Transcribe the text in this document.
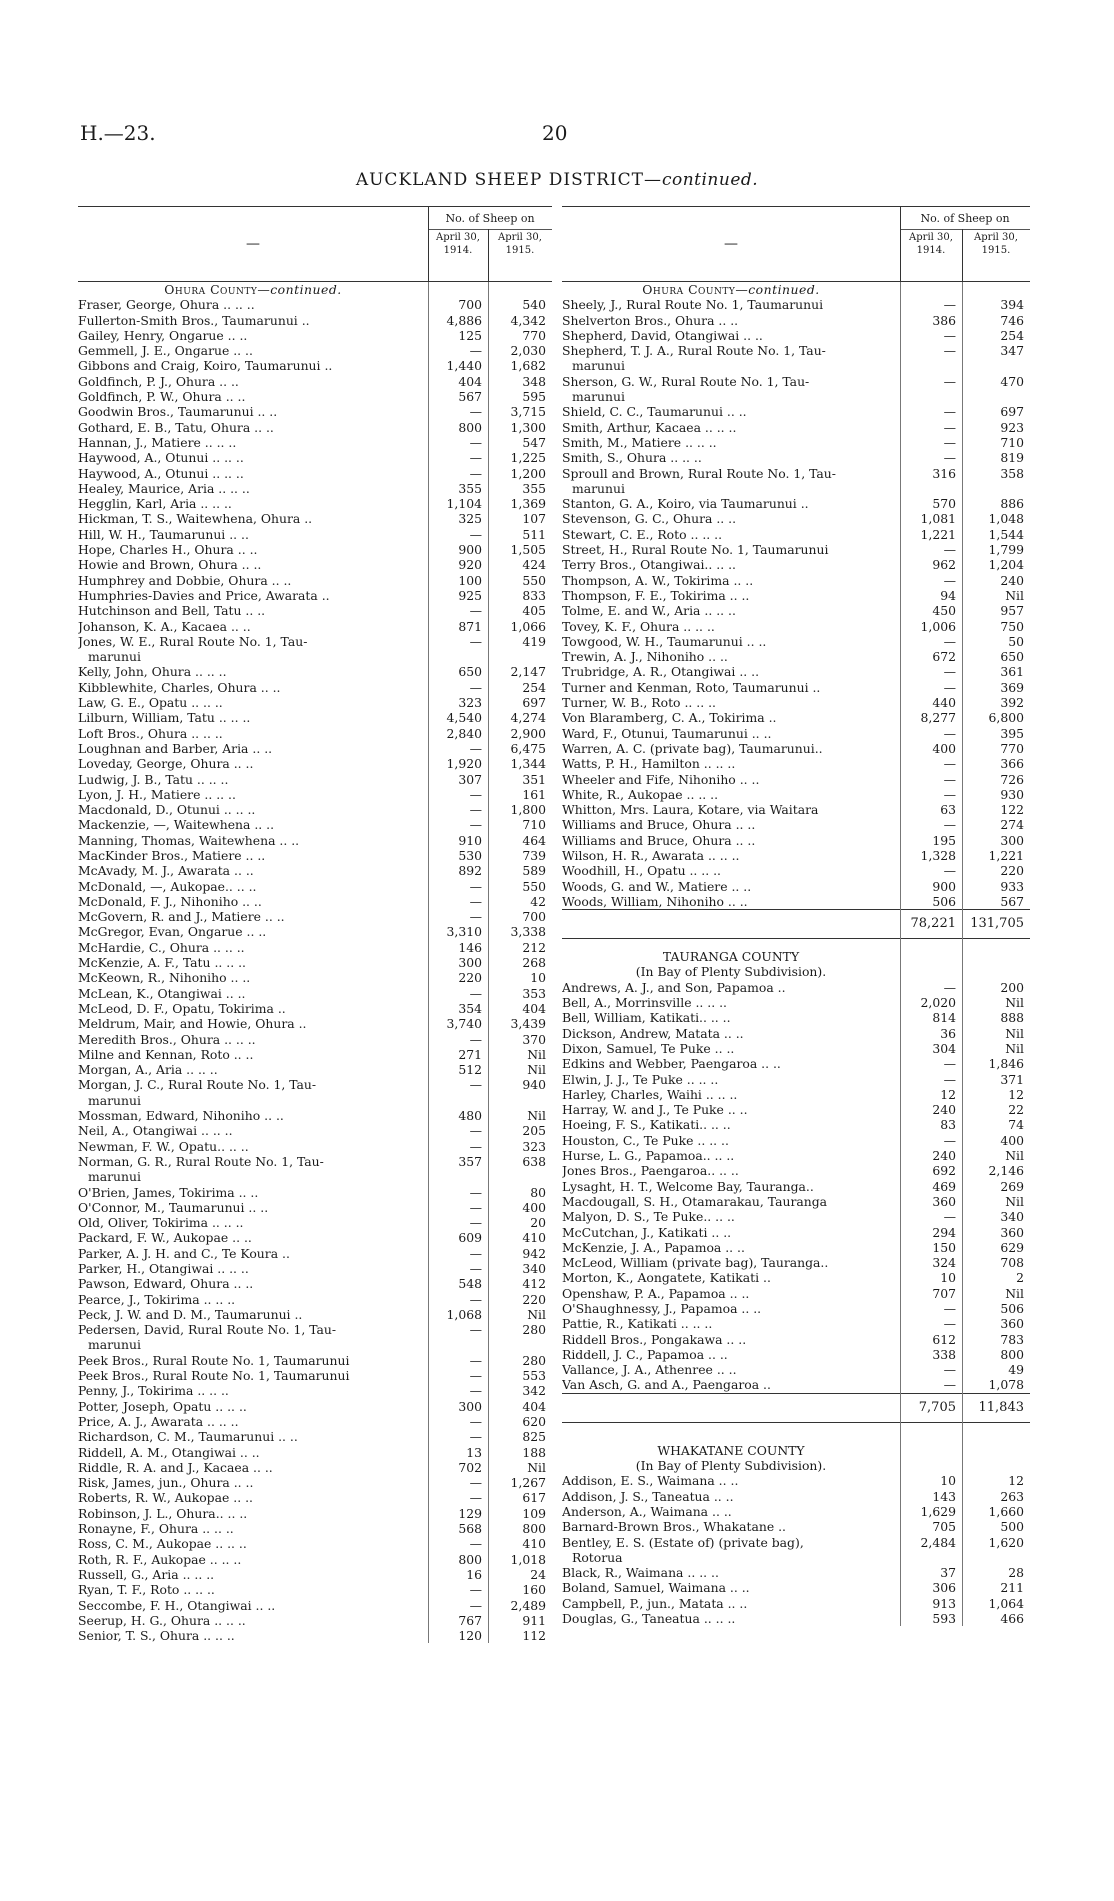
H.—23.	20
AUCKLAND SHEEP DISTRICT—continued.
—
No. of Sheep on
April 30,
1914.
April 30,
1915.
Ohura County—continued.
Fraser, George, Ohura .. .. ..	700	540
Fullerton-Smith Bros., Taumarunui ..	4,886	4,342
Gailey, Henry, Ongarue .. ..	125	770
Gemmell, J. E., Ongarue .. ..	—	2,030
Gibbons and Craig, Koiro, Taumarunui ..	1,440	1,682
Goldfinch, P. J., Ohura .. ..	404	348
Goldfinch, P. W., Ohura .. ..	567	595
Goodwin Bros., Taumarunui .. ..	—	3,715
Gothard, E. B., Tatu, Ohura .. ..	800	1,300
Hannan, J., Matiere .. .. ..	—	547
Haywood, A., Otunui .. .. ..	—	1,225
Haywood, A., Otunui .. .. ..	—	1,200
Healey, Maurice, Aria .. .. ..	355	355
Hegglin, Karl, Aria .. .. ..	1,104	1,369
Hickman, T. S., Waitewhena, Ohura ..	325	107
Hill, W. H., Taumarunui .. ..	—	511
Hope, Charles H., Ohura .. ..	900	1,505
Howie and Brown, Ohura .. ..	920	424
Humphrey and Dobbie, Ohura .. ..	100	550
Humphries-Davies and Price, Awarata ..	925	833
Hutchinson and Bell, Tatu .. ..	—	405
Johanson, K. A., Kacaea .. ..	871	1,066
Jones, W. E., Rural Route No. 1, Tau-	—	419
marunui
Kelly, John, Ohura .. .. ..	650	2,147
Kibblewhite, Charles, Ohura .. ..	—	254
Law, G. E., Opatu .. .. ..	323	697
Lilburn, William, Tatu .. .. ..	4,540	4,274
Loft Bros., Ohura .. .. ..	2,840	2,900
Loughnan and Barber, Aria .. ..	—	6,475
Loveday, George, Ohura .. ..	1,920	1,344
Ludwig, J. B., Tatu .. .. ..	307	351
Lyon, J. H., Matiere .. .. ..	—	161
Macdonald, D., Otunui .. .. ..	—	1,800
Mackenzie, —, Waitewhena .. ..	—	710
Manning, Thomas, Waitewhena .. ..	910	464
MacKinder Bros., Matiere .. ..	530	739
McAvady, M. J., Awarata .. ..	892	589
McDonald, —, Aukopae.. .. ..	—	550
McDonald, F. J., Nihoniho .. ..	—	42
McGovern, R. and J., Matiere .. ..	—	700
McGregor, Evan, Ongarue .. ..	3,310	3,338
McHardie, C., Ohura .. .. ..	146	212
McKenzie, A. F., Tatu .. .. ..	300	268
McKeown, R., Nihoniho .. ..	220	10
McLean, K., Otangiwai .. ..	—	353
McLeod, D. F., Opatu, Tokirima ..	354	404
Meldrum, Mair, and Howie, Ohura ..	3,740	3,439
Meredith Bros., Ohura .. .. ..	—	370
Milne and Kennan, Roto .. ..	271	Nil
Morgan, A., Aria .. .. ..	512	Nil
Morgan, J. C., Rural Route No. 1, Tau-	—	940
marunui
Mossman, Edward, Nihoniho .. ..	480	Nil
Neil, A., Otangiwai .. .. ..	—	205
Newman, F. W., Opatu.. .. ..	—	323
Norman, G. R., Rural Route No. 1, Tau-	357	638
marunui
O'Brien, James, Tokirima .. ..	—	80
O'Connor, M., Taumarunui .. ..	—	400
Old, Oliver, Tokirima .. .. ..	—	20
Packard, F. W., Aukopae .. ..	609	410
Parker, A. J. H. and C., Te Koura ..	—	942
Parker, H., Otangiwai .. .. ..	—	340
Pawson, Edward, Ohura .. ..	548	412
Pearce, J., Tokirima .. .. ..	—	220
Peck, J. W. and D. M., Taumarunui ..	1,068	Nil
Pedersen, David, Rural Route No. 1, Tau-	—	280
marunui
Peek Bros., Rural Route No. 1, Taumarunui	—	280
Peek Bros., Rural Route No. 1, Taumarunui	—	553
Penny, J., Tokirima .. .. ..	—	342
Potter, Joseph, Opatu .. .. ..	300	404
Price, A. J., Awarata .. .. ..	—	620
Richardson, C. M., Taumarunui .. ..	—	825
Riddell, A. M., Otangiwai .. ..	13	188
Riddle, R. A. and J., Kacaea .. ..	702	Nil
Risk, James, jun., Ohura .. ..	—	1,267
Roberts, R. W., Aukopae .. ..	—	617
Robinson, J. L., Ohura.. .. ..	129	109
Ronayne, F., Ohura .. .. ..	568	800
Ross, C. M., Aukopae .. .. ..	—	410
Roth, R. F., Aukopae .. .. ..	800	1,018
Russell, G., Aria .. .. ..	16	24
Ryan, T. F., Roto .. .. ..	—	160
Seccombe, F. H., Otangiwai .. ..	—	2,489
Seerup, H. G., Ohura .. .. ..	767	911
Senior, T. S., Ohura .. .. ..	120	112
—
No. of Sheep on
April 30,
1914.
April 30,
1915.
Ohura County—continued.
Sheely, J., Rural Route No. 1, Taumarunui	—	394
Shelverton Bros., Ohura .. ..	386	746
Shepherd, David, Otangiwai .. ..	—	254
Shepherd, T. J. A., Rural Route No. 1, Tau-	—	347
marunui
Sherson, G. W., Rural Route No. 1, Tau-	—	470
marunui
Shield, C. C., Taumarunui .. ..	—	697
Smith, Arthur, Kacaea .. .. ..	—	923
Smith, M., Matiere .. .. ..	—	710
Smith, S., Ohura .. .. ..	—	819
Sproull and Brown, Rural Route No. 1, Tau-	316	358
marunui
Stanton, G. A., Koiro, via Taumarunui ..	570	886
Stevenson, G. C., Ohura .. ..	1,081	1,048
Stewart, C. E., Roto .. .. ..	1,221	1,544
Street, H., Rural Route No. 1, Taumarunui	—	1,799
Terry Bros., Otangiwai.. .. ..	962	1,204
Thompson, A. W., Tokirima .. ..	—	240
Thompson, F. E., Tokirima .. ..	94	Nil
Tolme, E. and W., Aria .. .. ..	450	957
Tovey, K. F., Ohura .. .. ..	1,006	750
Towgood, W. H., Taumarunui .. ..	—	50
Trewin, A. J., Nihoniho .. ..	672	650
Trubridge, A. R., Otangiwai .. ..	—	361
Turner and Kenman, Roto, Taumarunui ..	—	369
Turner, W. B., Roto .. .. ..	440	392
Von Blaramberg, C. A., Tokirima ..	8,277	6,800
Ward, F., Otunui, Taumarunui .. ..	—	395
Warren, A. C. (private bag), Taumarunui..	400	770
Watts, P. H., Hamilton .. .. ..	—	366
Wheeler and Fife, Nihoniho .. ..	—	726
White, R., Aukopae .. .. ..	—	930
Whitton, Mrs. Laura, Kotare, via Waitara	63	122
Williams and Bruce, Ohura .. ..	—	274
Williams and Bruce, Ohura .. ..	195	300
Wilson, H. R., Awarata .. .. ..	1,328	1,221
Woodhill, H., Opatu .. .. ..	—	220
Woods, G. and W., Matiere .. ..	900	933
Woods, William, Nihoniho .. ..	506	567
78,221	131,705
TAURANGA COUNTY
(In Bay of Plenty Subdivision).
Andrews, A. J., and Son, Papamoa ..	—	200
Bell, A., Morrinsville .. .. ..	2,020	Nil
Bell, William, Katikati.. .. ..	814	888
Dickson, Andrew, Matata .. ..	36	Nil
Dixon, Samuel, Te Puke .. ..	304	Nil
Edkins and Webber, Paengaroa .. ..	—	1,846
Elwin, J. J., Te Puke .. .. ..	—	371
Harley, Charles, Waihi .. .. ..	12	12
Harray, W. and J., Te Puke .. ..	240	22
Hoeing, F. S., Katikati.. .. ..	83	74
Houston, C., Te Puke .. .. ..	—	400
Hurse, L. G., Papamoa.. .. ..	240	Nil
Jones Bros., Paengaroa.. .. ..	692	2,146
Lysaght, H. T., Welcome Bay, Tauranga..	469	269
Macdougall, S. H., Otamarakau, Tauranga	360	Nil
Malyon, D. S., Te Puke.. .. ..	—	340
McCutchan, J., Katikati .. ..	294	360
McKenzie, J. A., Papamoa .. ..	150	629
McLeod, William (private bag), Tauranga..	324	708
Morton, K., Aongatete, Katikati ..	10	2
Openshaw, P. A., Papamoa .. ..	707	Nil
O'Shaughnessy, J., Papamoa .. ..	—	506
Pattie, R., Katikati .. .. ..	—	360
Riddell Bros., Pongakawa .. ..	612	783
Riddell, J. C., Papamoa .. ..	338	800
Vallance, J. A., Athenree .. ..	—	49
Van Asch, G. and A., Paengaroa ..	—	1,078
7,705	11,843
WHAKATANE COUNTY
(In Bay of Plenty Subdivision).
Addison, E. S., Waimana .. ..	10	12
Addison, J. S., Taneatua .. ..	143	263
Anderson, A., Waimana .. ..	1,629	1,660
Barnard-Brown Bros., Whakatane ..	705	500
Bentley, E. S. (Estate of) (private bag),	2,484	1,620
Rotorua
Black, R., Waimana .. .. ..	37	28
Boland, Samuel, Waimana .. ..	306	211
Campbell, P., jun., Matata .. ..	913	1,064
Douglas, G., Taneatua .. .. ..	593	466
